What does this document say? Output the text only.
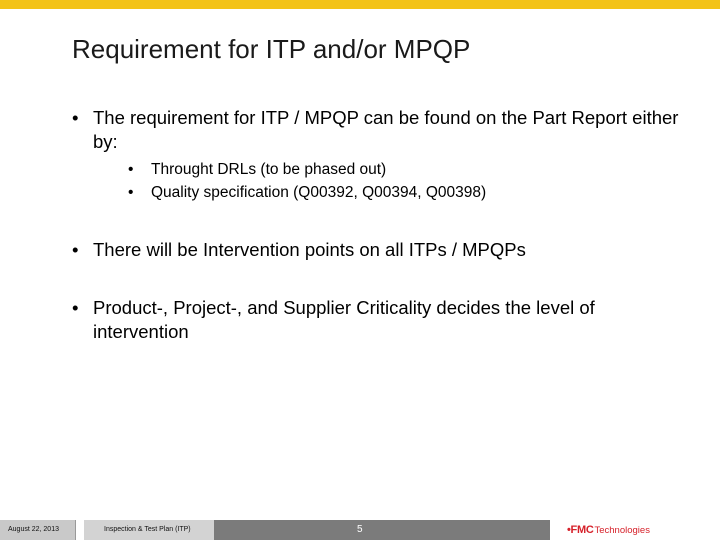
Requirement for ITP and/or MPQP
• The requirement for ITP / MPQP can be found on the Part Report either by:
• Throught DRLs (to be phased out)
• Quality specification (Q00392, Q00394, Q00398)
• There will be Intervention points on all ITPs / MPQPs
• Product-, Project-, and Supplier Criticality decides the level of intervention
August 22, 2013	Inspection & Test Plan (ITP)	5	•FMC Technologies
